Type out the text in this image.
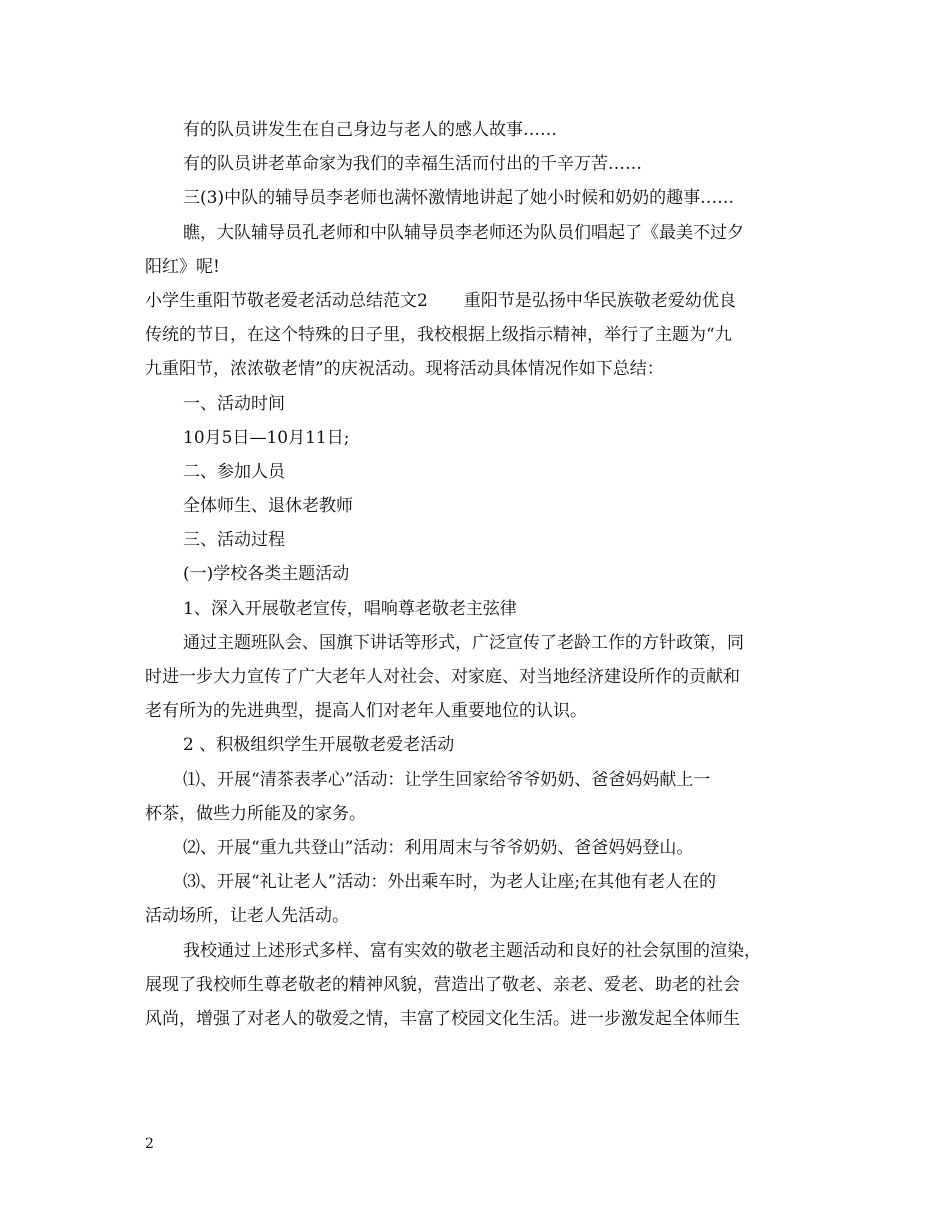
有的队员讲发生在自己身边与老人的感人故事……
有的队员讲老革命家为我们的幸福生活而付出的千辛万苦……
三(3)中队的辅导员李老师也满怀激情地讲起了她小时候和奶奶的趣事……
瞧，大队辅导员孔老师和中队辅导员李老师还为队员们唱起了《最美不过夕
阳红》呢!
小学生重阳节敬老爱老活动总结范文2 重阳节是弘扬中华民族敬老爱幼优良
传统的节日，在这个特殊的日子里，我校根据上级指示精神，举行了主题为“九
九重阳节，浓浓敬老情”的庆祝活动。现将活动具体情况作如下总结：
一、活动时间
10月5日—10月11日;
二、参加人员
全体师生、退休老教师
三、活动过程
(一)学校各类主题活动
1、深入开展敬老宣传，唱响尊老敬老主弦律
通过主题班队会、国旗下讲话等形式，广泛宣传了老龄工作的方针政策，同
时进一步大力宣传了广大老年人对社会、对家庭、对当地经济建设所作的贡献和
老有所为的先进典型，提高人们对老年人重要地位的认识。
2 、积极组织学生开展敬老爱老活动
⑴、开展“清茶表孝心”活动：让学生回家给爷爷奶奶、爸爸妈妈献上一
杯茶，做些力所能及的家务。
⑵、开展“重九共登山”活动：利用周末与爷爷奶奶、爸爸妈妈登山。
⑶、开展“礼让老人”活动：外出乘车时，为老人让座;在其他有老人在的
活动场所，让老人先活动。
我校通过上述形式多样、富有实效的敬老主题活动和良好的社会氛围的渲染，
展现了我校师生尊老敬老的精神风貌，营造出了敬老、亲老、爱老、助老的社会
风尚，增强了对老人的敬爱之情，丰富了校园文化生活。进一步激发起全体师生
2
